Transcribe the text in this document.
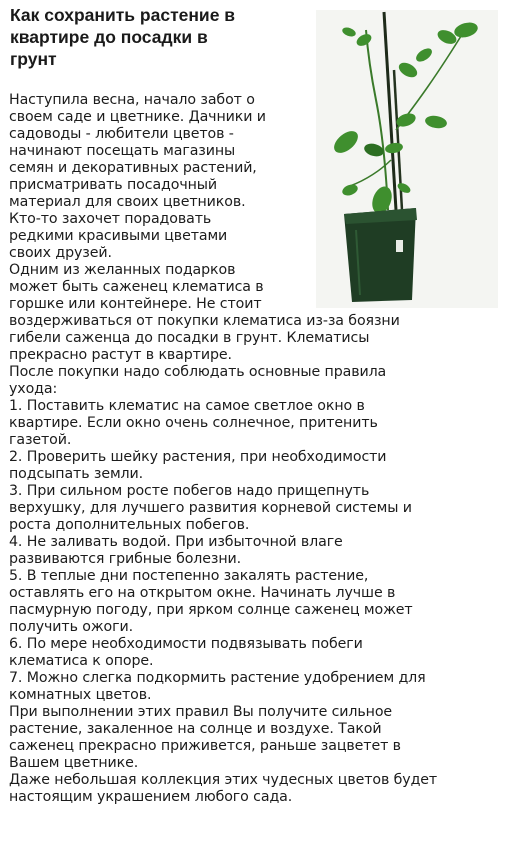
Как сохранить растение в
квартире до посадки в
грунт
Наступила весна, начало забот о
своем саде и цветнике. Дачники и
садоводы - любители цветов -
начинают посещать магазины
семян и декоративных растений,
присматривать посадочный
материал для своих цветников.
Кто-то захочет порадовать
редкими красивыми цветами
своих друзей.
Одним из желанных подарков
может быть саженец клематиса в
горшке или контейнере. Не стоит
воздерживаться от покупки клематиса из-за боязни
гибели саженца до посадки в грунт. Клематисы
прекрасно растут в квартире.
После покупки надо соблюдать основные правила
ухода:
1. Поставить клематис на самое светлое окно в
квартире. Если окно очень солнечное, притенить
газетой.
2. Проверить шейку растения, при необходимости
подсыпать земли.
3. При сильном росте побегов надо прищепнуть
верхушку, для лучшего развития корневой системы и
роста дополнительных побегов.
4. Не заливать водой. При избыточной влаге
развиваются грибные болезни.
5. В теплые дни постепенно закалять растение,
оставлять его на открытом окне. Начинать лучше в
пасмурную погоду, при ярком солнце саженец может
получить ожоги.
6. По мере необходимости подвязывать побеги
клематиса к опоре.
7. Можно слегка подкормить растение удобрением для
комнатных цветов.
При выполнении этих правил Вы получите сильное
растение, закаленное на солнце и воздухе. Такой
саженец прекрасно приживется, раньше зацветет в
Вашем цветнике.
Даже небольшая коллекция этих чудесных цветов будет
настоящим украшением любого сада.
